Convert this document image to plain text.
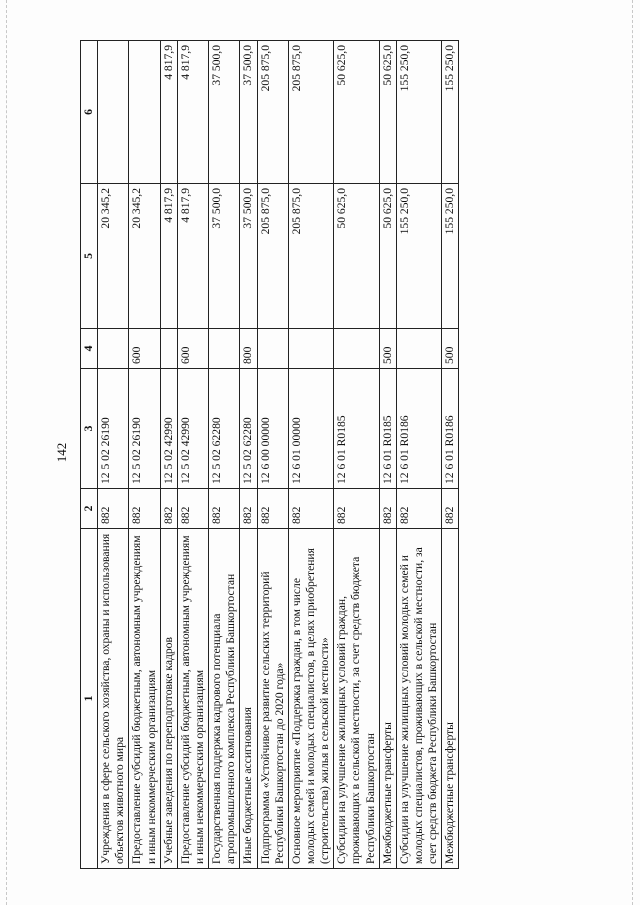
142
1	2	3	4	5	6
Учреждения в сфере сельского хозяйства, охраны и использования объектов животного мира	882	12 5 02 26190		20 345,2	
Предоставление субсидий бюджетным, автономным учреждениям и иным некоммерческим организациям	882	12 5 02 26190	600	20 345,2	
Учебные заведения по переподготовке кадров	882	12 5 02 42990		4 817,9	4 817,9
Предоставление субсидий бюджетным, автономным учреждениям и иным некоммерческим организациям	882	12 5 02 42990	600	4 817,9	4 817,9
Государственная поддержка кадрового потенциала агропромышленного комплекса Республики Башкортостан	882	12 5 02 62280		37 500,0	37 500,0
Иные бюджетные ассигнования	882	12 5 02 62280	800	37 500,0	37 500,0
Подпрограмма «Устойчивое развитие сельских территорий Республики Башкортостан до 2020 года»	882	12 6 00 00000		205 875,0	205 875,0
Основное мероприятие «Поддержка граждан, в том числе молодых семей и молодых специалистов, в целях приобретения (строительства) жилья в сельской местности»	882	12 6 01 00000		205 875,0	205 875,0
Субсидии на улучшение жилищных условий граждан, проживающих в сельской местности, за счет средств бюджета Республики Башкортостан	882	12 6 01 R0185		50 625,0	50 625,0
Межбюджетные трансферты	882	12 6 01 R0185	500	50 625,0	50 625,0
Субсидии на улучшение жилищных условий молодых семей и молодых специалистов, проживающих в сельской местности, за счет средств бюджета Республики Башкортостан	882	12 6 01 R0186		155 250,0	155 250,0
Межбюджетные трансферты	882	12 6 01 R0186	500	155 250,0	155 250,0
